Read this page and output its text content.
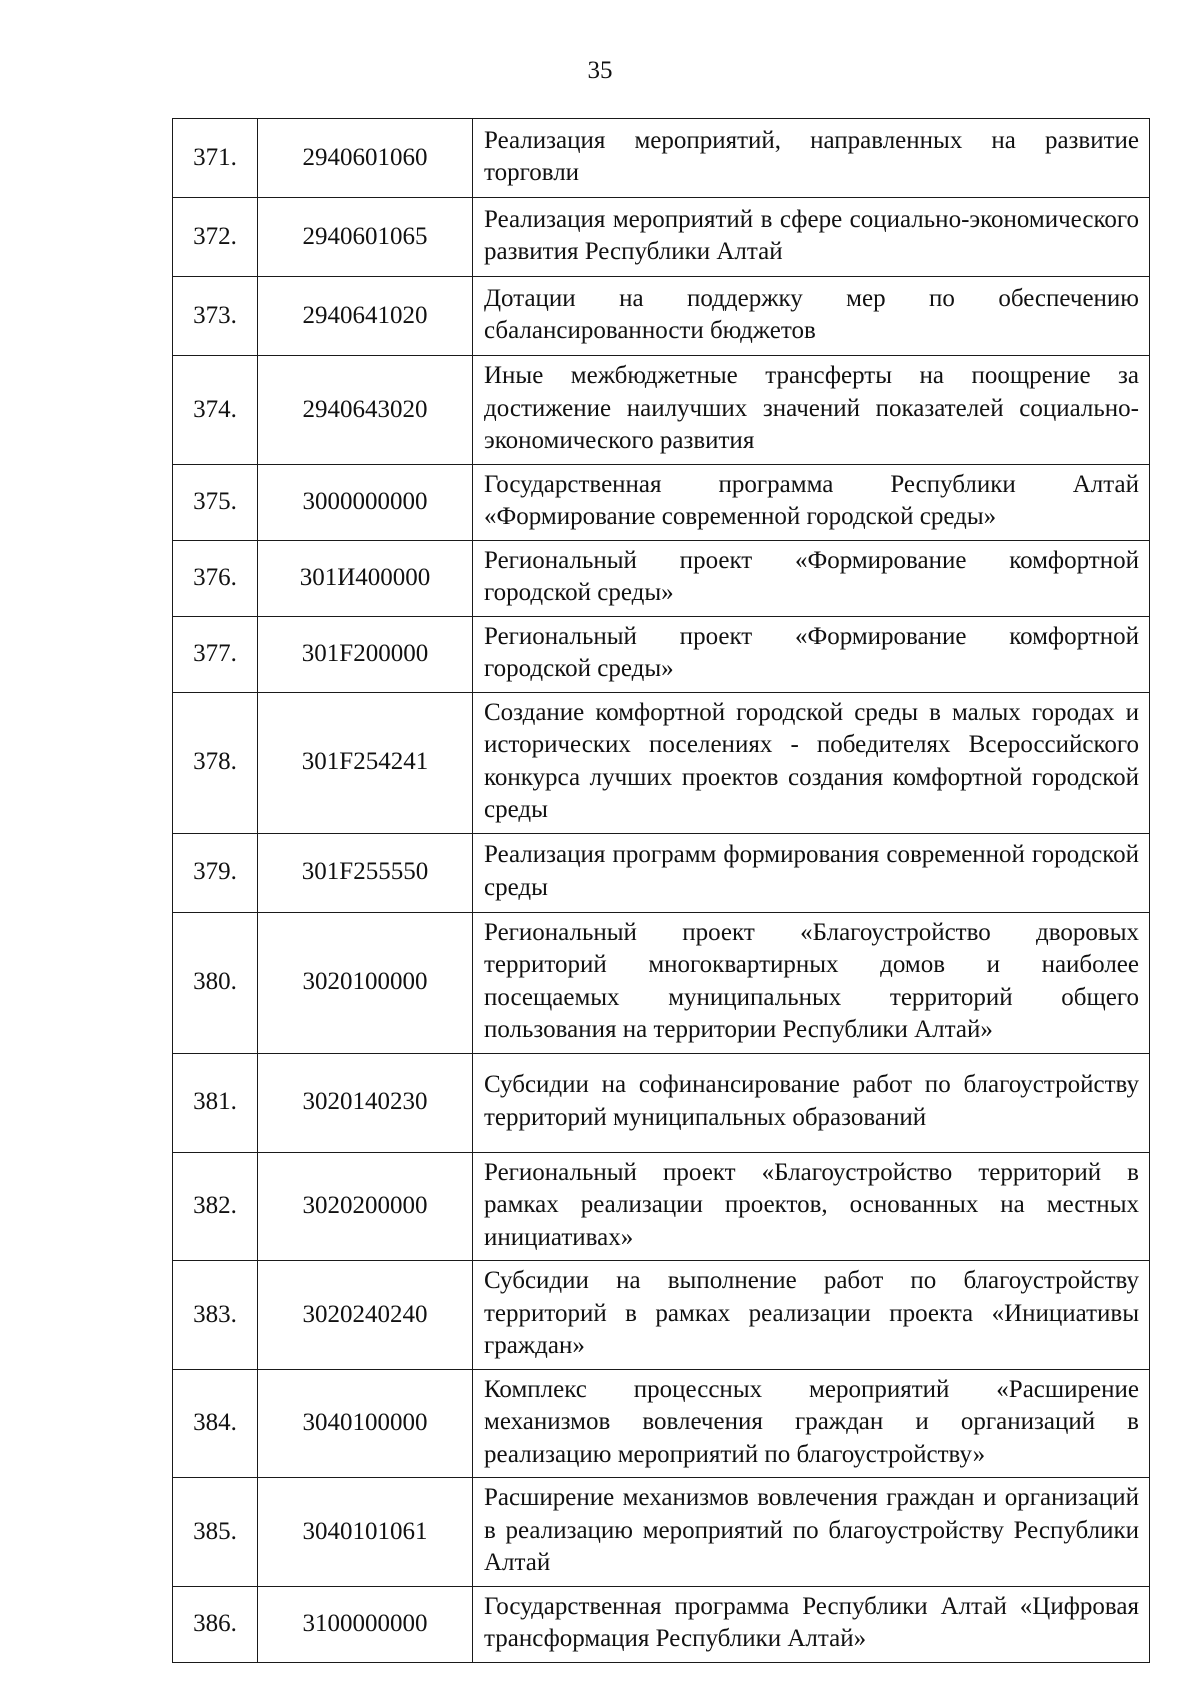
35
371.	2940601060	Реализация мероприятий, направленных на развитие торговли
372.	2940601065	Реализация мероприятий в сфере социально-экономического развития Республики Алтай
373.	2940641020	Дотации на поддержку мер по обеспечению сбалансированности бюджетов
374.	2940643020	Иные межбюджетные трансферты на поощрение за достижение наилучших значений показателей социально-экономического развития
375.	3000000000	Государственная программа Республики Алтай «Формирование современной городской среды»
376.	301И400000	Региональный проект «Формирование комфортной городской среды»
377.	301F200000	Региональный проект «Формирование комфортной городской среды»
378.	301F254241	Создание комфортной городской среды в малых городах и исторических поселениях - победителях Всероссийского конкурса лучших проектов создания комфортной городской среды
379.	301F255550	Реализация программ формирования современной городской среды
380.	3020100000	Региональный проект «Благоустройство дворовых территорий многоквартирных домов и наиболее посещаемых муниципальных территорий общего пользования на территории Республики Алтай»
381.	3020140230	Субсидии на софинансирование работ по благоустройству территорий муниципальных образований
382.	3020200000	Региональный проект «Благоустройство территорий в рамках реализации проектов, основанных на местных инициативах»
383.	3020240240	Субсидии на выполнение работ по благоустройству территорий в рамках реализации проекта «Инициативы граждан»
384.	3040100000	Комплекс процессных мероприятий «Расширение механизмов вовлечения граждан и организаций в реализацию мероприятий по благоустройству»
385.	3040101061	Расширение механизмов вовлечения граждан и организаций в реализацию мероприятий по благоустройству Республики Алтай
386.	3100000000	Государственная программа Республики Алтай «Цифровая трансформация Республики Алтай»
